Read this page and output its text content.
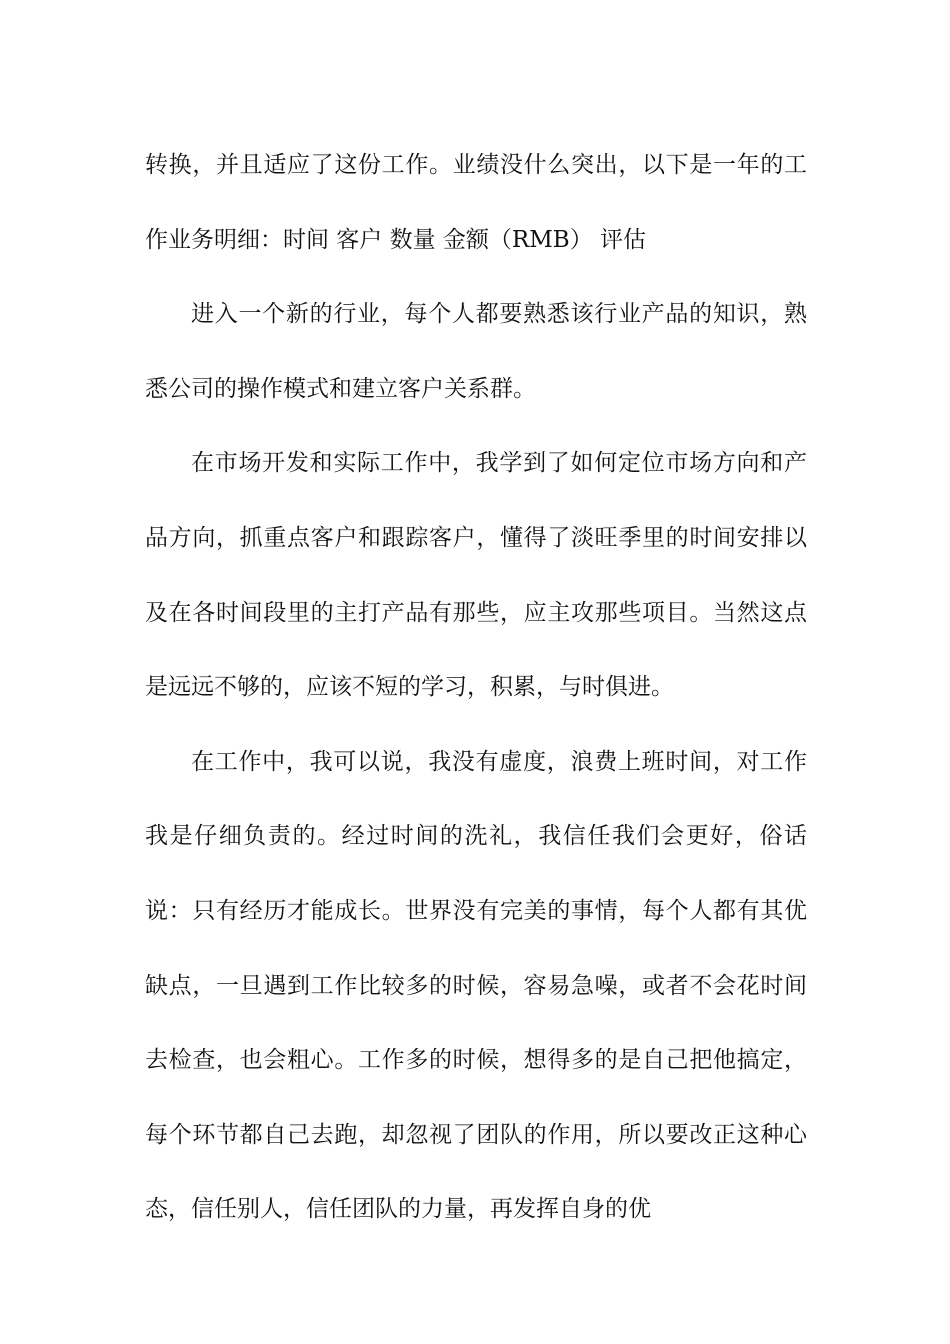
转换，并且适应了这份工作。业绩没什么突出，以下是一年的工作业务明细：时间 客户 数量 金额（RMB） 评估

进入一个新的行业，每个人都要熟悉该行业产品的知识，熟悉公司的操作模式和建立客户关系群。

在市场开发和实际工作中，我学到了如何定位市场方向和产品方向，抓重点客户和跟踪客户，懂得了淡旺季里的时间安排以及在各时间段里的主打产品有那些，应主攻那些项目。当然这点是远远不够的，应该不短的学习，积累，与时俱进。

在工作中，我可以说，我没有虚度，浪费上班时间，对工作我是仔细负责的。经过时间的洗礼，我信任我们会更好，俗话说：只有经历才能成长。世界没有完美的事情，每个人都有其优缺点，一旦遇到工作比较多的时候，容易急噪，或者不会花时间去检查，也会粗心。工作多的时候，想得多的是自己把他搞定，每个环节都自己去跑，却忽视了团队的作用，所以要改正这种心态，信任别人，信任团队的力量，再发挥自身的优
